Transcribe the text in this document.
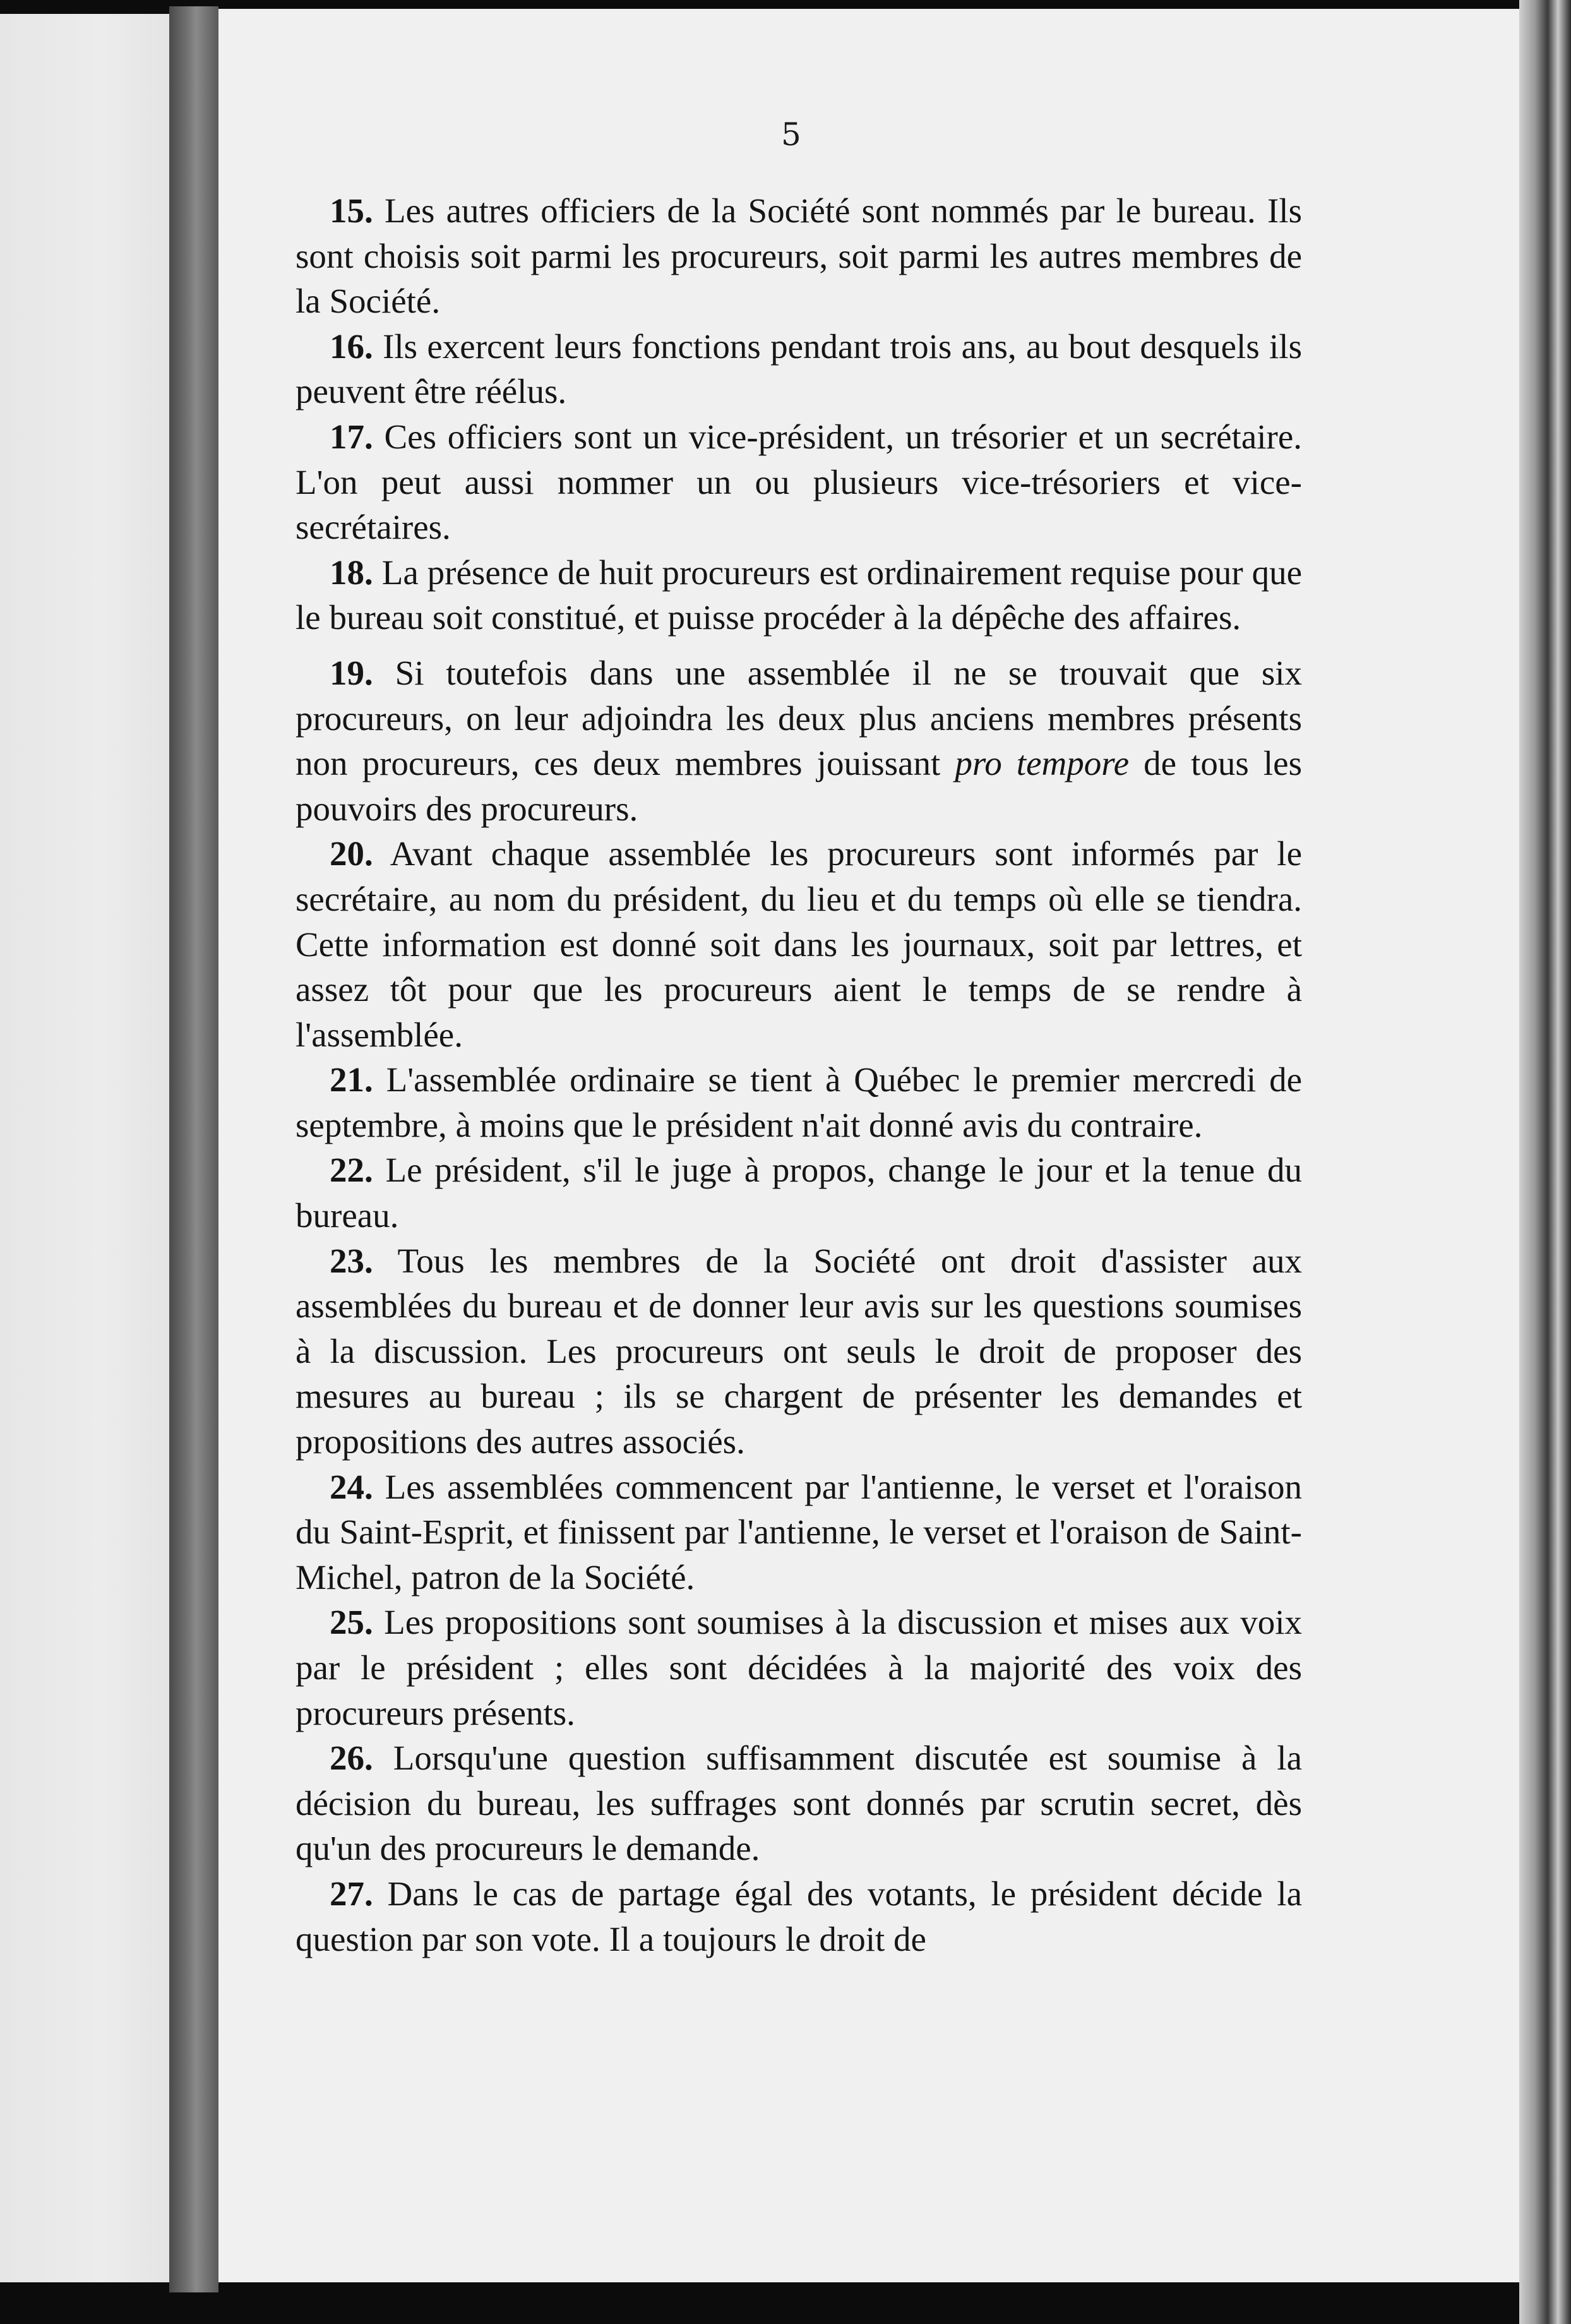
5

15. Les autres officiers de la Société sont nommés par le bureau. Ils sont choisis soit parmi les procureurs, soit parmi les autres membres de la Société.

16. Ils exercent leurs fonctions pendant trois ans, au bout desquels ils peuvent être réélus.

17. Ces officiers sont un vice-président, un trésorier et un secrétaire. L'on peut aussi nommer un ou plusieurs vice-trésoriers et vice-secrétaires.

18. La présence de huit procureurs est ordinairement requise pour que le bureau soit constitué, et puisse procéder à la dépêche des affaires.

19. Si toutefois dans une assemblée il ne se trouvait que six procureurs, on leur adjoindra les deux plus anciens membres présents non procureurs, ces deux membres jouissant pro tempore de tous les pouvoirs des procureurs.

20. Avant chaque assemblée les procureurs sont informés par le secrétaire, au nom du président, du lieu et du temps où elle se tiendra. Cette information est donné soit dans les journaux, soit par lettres, et assez tôt pour que les procureurs aient le temps de se rendre à l'assemblée.

21. L'assemblée ordinaire se tient à Québec le premier mercredi de septembre, à moins que le président n'ait donné avis du contraire.

22. Le président, s'il le juge à propos, change le jour et la tenue du bureau.

23. Tous les membres de la Société ont droit d'assister aux assemblées du bureau et de donner leur avis sur les questions soumises à la discussion. Les procureurs ont seuls le droit de proposer des mesures au bureau ; ils se chargent de présenter les demandes et propositions des autres associés.

24. Les assemblées commencent par l'antienne, le verset et l'oraison du Saint-Esprit, et finissent par l'antienne, le verset et l'oraison de Saint-Michel, patron de la Société.

25. Les propositions sont soumises à la discussion et mises aux voix par le président ; elles sont décidées à la majorité des voix des procureurs présents.

26. Lorsqu'une question suffisamment discutée est soumise à la décision du bureau, les suffrages sont donnés par scrutin secret, dès qu'un des procureurs le demande.

27. Dans le cas de partage égal des votants, le président décide la question par son vote. Il a toujours le droit de
